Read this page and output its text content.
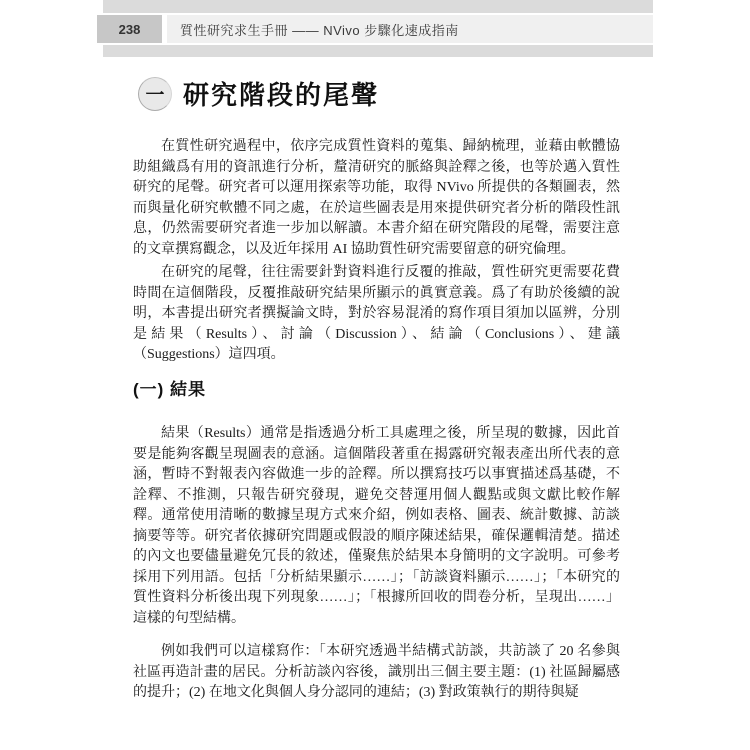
238	質性研究求生手冊 —— NVivo 步驟化速成指南
一 研究階段的尾聲

在質性研究過程中，依序完成質性資料的蒐集、歸納梳理，並藉由軟體協助組織爲有用的資訊進行分析，釐清研究的脈絡與詮釋之後，也等於邁入質性研究的尾聲。研究者可以運用探索等功能，取得 NVivo 所提供的各類圖表，然而與量化研究軟體不同之處，在於這些圖表是用來提供研究者分析的階段性訊息，仍然需要研究者進一步加以解讀。本書介紹在研究階段的尾聲，需要注意的文章撰寫觀念，以及近年採用 AI 協助質性研究需要留意的研究倫理。

在研究的尾聲，往往需要針對資料進行反覆的推敲，質性研究更需要花費時間在這個階段，反覆推敲研究結果所顯示的眞實意義。爲了有助於後續的說明，本書提出研究者撰擬論文時，對於容易混淆的寫作項目須加以區辨，分別是結果（Results）、討論（Discussion）、結論（Conclusions）、建議（Suggestions）這四項。

(一) 結果

結果（Results）通常是指透過分析工具處理之後，所呈現的數據，因此首要是能夠客觀呈現圖表的意涵。這個階段著重在揭露研究報表產出所代表的意涵，暫時不對報表內容做進一步的詮釋。所以撰寫技巧以事實描述爲基礎，不詮釋、不推測，只報告研究發現，避免交替運用個人觀點或與文獻比較作解釋。通常使用清晰的數據呈現方式來介紹，例如表格、圖表、統計數據、訪談摘要等等。研究者依據研究問題或假設的順序陳述結果，確保邏輯清楚。描述的內文也要儘量避免冗長的敘述，僅聚焦於結果本身簡明的文字說明。可參考採用下列用語。包括「分析結果顯示……」；「訪談資料顯示……」；「本研究的質性資料分析後出現下列現象……」；「根據所回收的問卷分析，呈現出……」這樣的句型結構。

例如我們可以這樣寫作：「本研究透過半結構式訪談，共訪談了 20 名參與社區再造計畫的居民。分析訪談內容後，識別出三個主要主題：(1) 社區歸屬感的提升；(2) 在地文化與個人身分認同的連結；(3) 對政策執行的期待與疑
